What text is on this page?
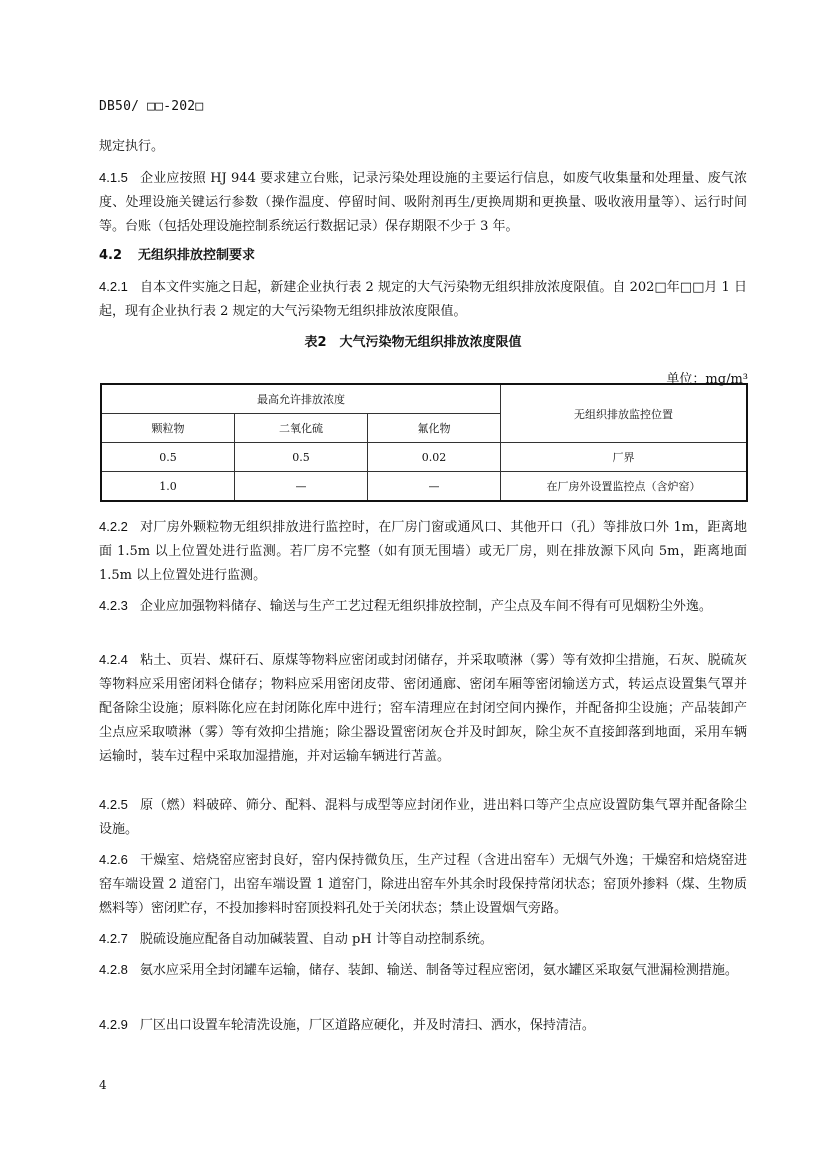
DB50/ □□-202□
规定执行。
4.1.5 企业应按照 HJ 944 要求建立台账，记录污染处理设施的主要运行信息，如废气收集量和处理量、废气浓度、处理设施关键运行参数（操作温度、停留时间、吸附剂再生/更换周期和更换量、吸收液用量等）、运行时间等。台账（包括处理设施控制系统运行数据记录）保存期限不少于 3 年。
4.2 无组织排放控制要求
4.2.1 自本文件实施之日起，新建企业执行表 2 规定的大气污染物无组织排放浓度限值。自 202□年□□月 1 日起，现有企业执行表 2 规定的大气污染物无组织排放浓度限值。
表2　大气污染物无组织排放浓度限值
单位：mg/m³
最高允许排放浓度			无组织排放监控位置
颗粒物	二氧化硫	氟化物	
0.5	0.5	0.02	厂界
1.0	—	—	在厂房外设置监控点（含炉窑）
4.2.2 对厂房外颗粒物无组织排放进行监控时，在厂房门窗或通风口、其他开口（孔）等排放口外 1m，距离地面 1.5m 以上位置处进行监测。若厂房不完整（如有顶无围墙）或无厂房，则在排放源下风向 5m，距离地面 1.5m 以上位置处进行监测。
4.2.3 企业应加强物料储存、输送与生产工艺过程无组织排放控制，产尘点及车间不得有可见烟粉尘外逸。
4.2.4 粘土、页岩、煤矸石、原煤等物料应密闭或封闭储存，并采取喷淋（雾）等有效抑尘措施，石灰、脱硫灰等物料应采用密闭料仓储存；物料应采用密闭皮带、密闭通廊、密闭车厢等密闭输送方式，转运点设置集气罩并配备除尘设施；原料陈化应在封闭陈化库中进行；窑车清理应在封闭空间内操作，并配备抑尘设施；产品装卸产尘点应采取喷淋（雾）等有效抑尘措施；除尘器设置密闭灰仓并及时卸灰，除尘灰不直接卸落到地面，采用车辆运输时，装车过程中采取加湿措施，并对运输车辆进行苫盖。
4.2.5 原（燃）料破碎、筛分、配料、混料与成型等应封闭作业，进出料口等产尘点应设置防集气罩并配备除尘设施。
4.2.6 干燥室、焙烧窑应密封良好，窑内保持微负压，生产过程（含进出窑车）无烟气外逸；干燥窑和焙烧窑进窑车端设置 2 道窑门，出窑车端设置 1 道窑门，除进出窑车外其余时段保持常闭状态；窑顶外掺料（煤、生物质燃料等）密闭贮存，不投加掺料时窑顶投料孔处于关闭状态；禁止设置烟气旁路。
4.2.7 脱硫设施应配备自动加碱装置、自动 pH 计等自动控制系统。
4.2.8 氨水应采用全封闭罐车运输，储存、装卸、输送、制备等过程应密闭，氨水罐区采取氨气泄漏检测措施。
4.2.9 厂区出口设置车轮清洗设施，厂区道路应硬化，并及时清扫、洒水，保持清洁。
4
